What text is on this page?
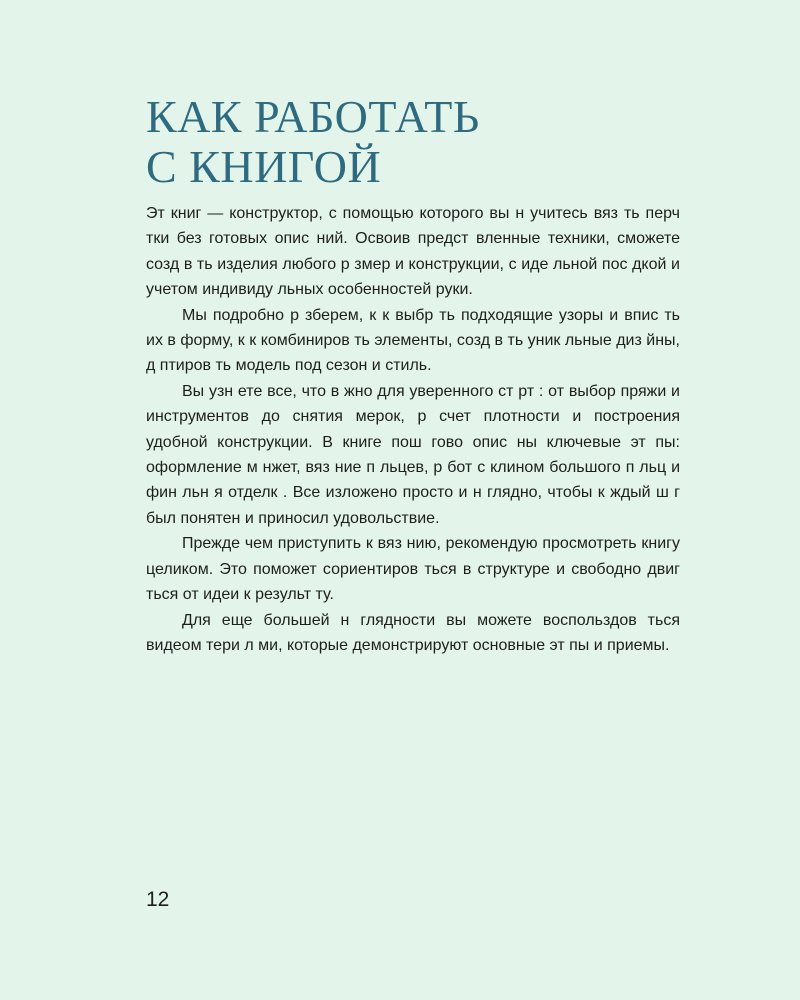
КАК РАБОТАТЬ
С КНИГОЙ

Эт книг — конструктор, с помощью которого вы н учитесь вяз ть перч тки без готовых опис ний. Освоив предст вленные техники, сможете созд в ть изделия любого р змер и конструкции, с иде льной пос дкой и учетом индивиду льных особенностей руки.

Мы подробно р зберем, к к выбр ть подходящие узоры и впис ть их в форму, к к комбиниров ть элементы, созд в ть уник льные диз йны, д птиров ть модель под сезон и стиль.

Вы узн ете все, что в жно для уверенного ст рт : от выбор пряжи и инструментов до снятия мерок, р счет плотности и построения удобной конструкции. В книге пош гово опис ны ключевые эт пы: оформление м нжет, вяз ние п льцев, р бот с клином большого п льц и фин льн я отделк . Все изложено просто и н глядно, чтобы к ждый ш г был понятен и приносил удовольствие.

Прежде чем приступить к вяз нию, рекомендую просмотреть книгу целиком. Это поможет сориентиров ться в структуре и свободно двиг ться от идеи к результ ту.

Для еще большей н глядности вы можете воспольздов ться видеом тери л ми, которые демонстрируют основные эт пы и приемы.

12
